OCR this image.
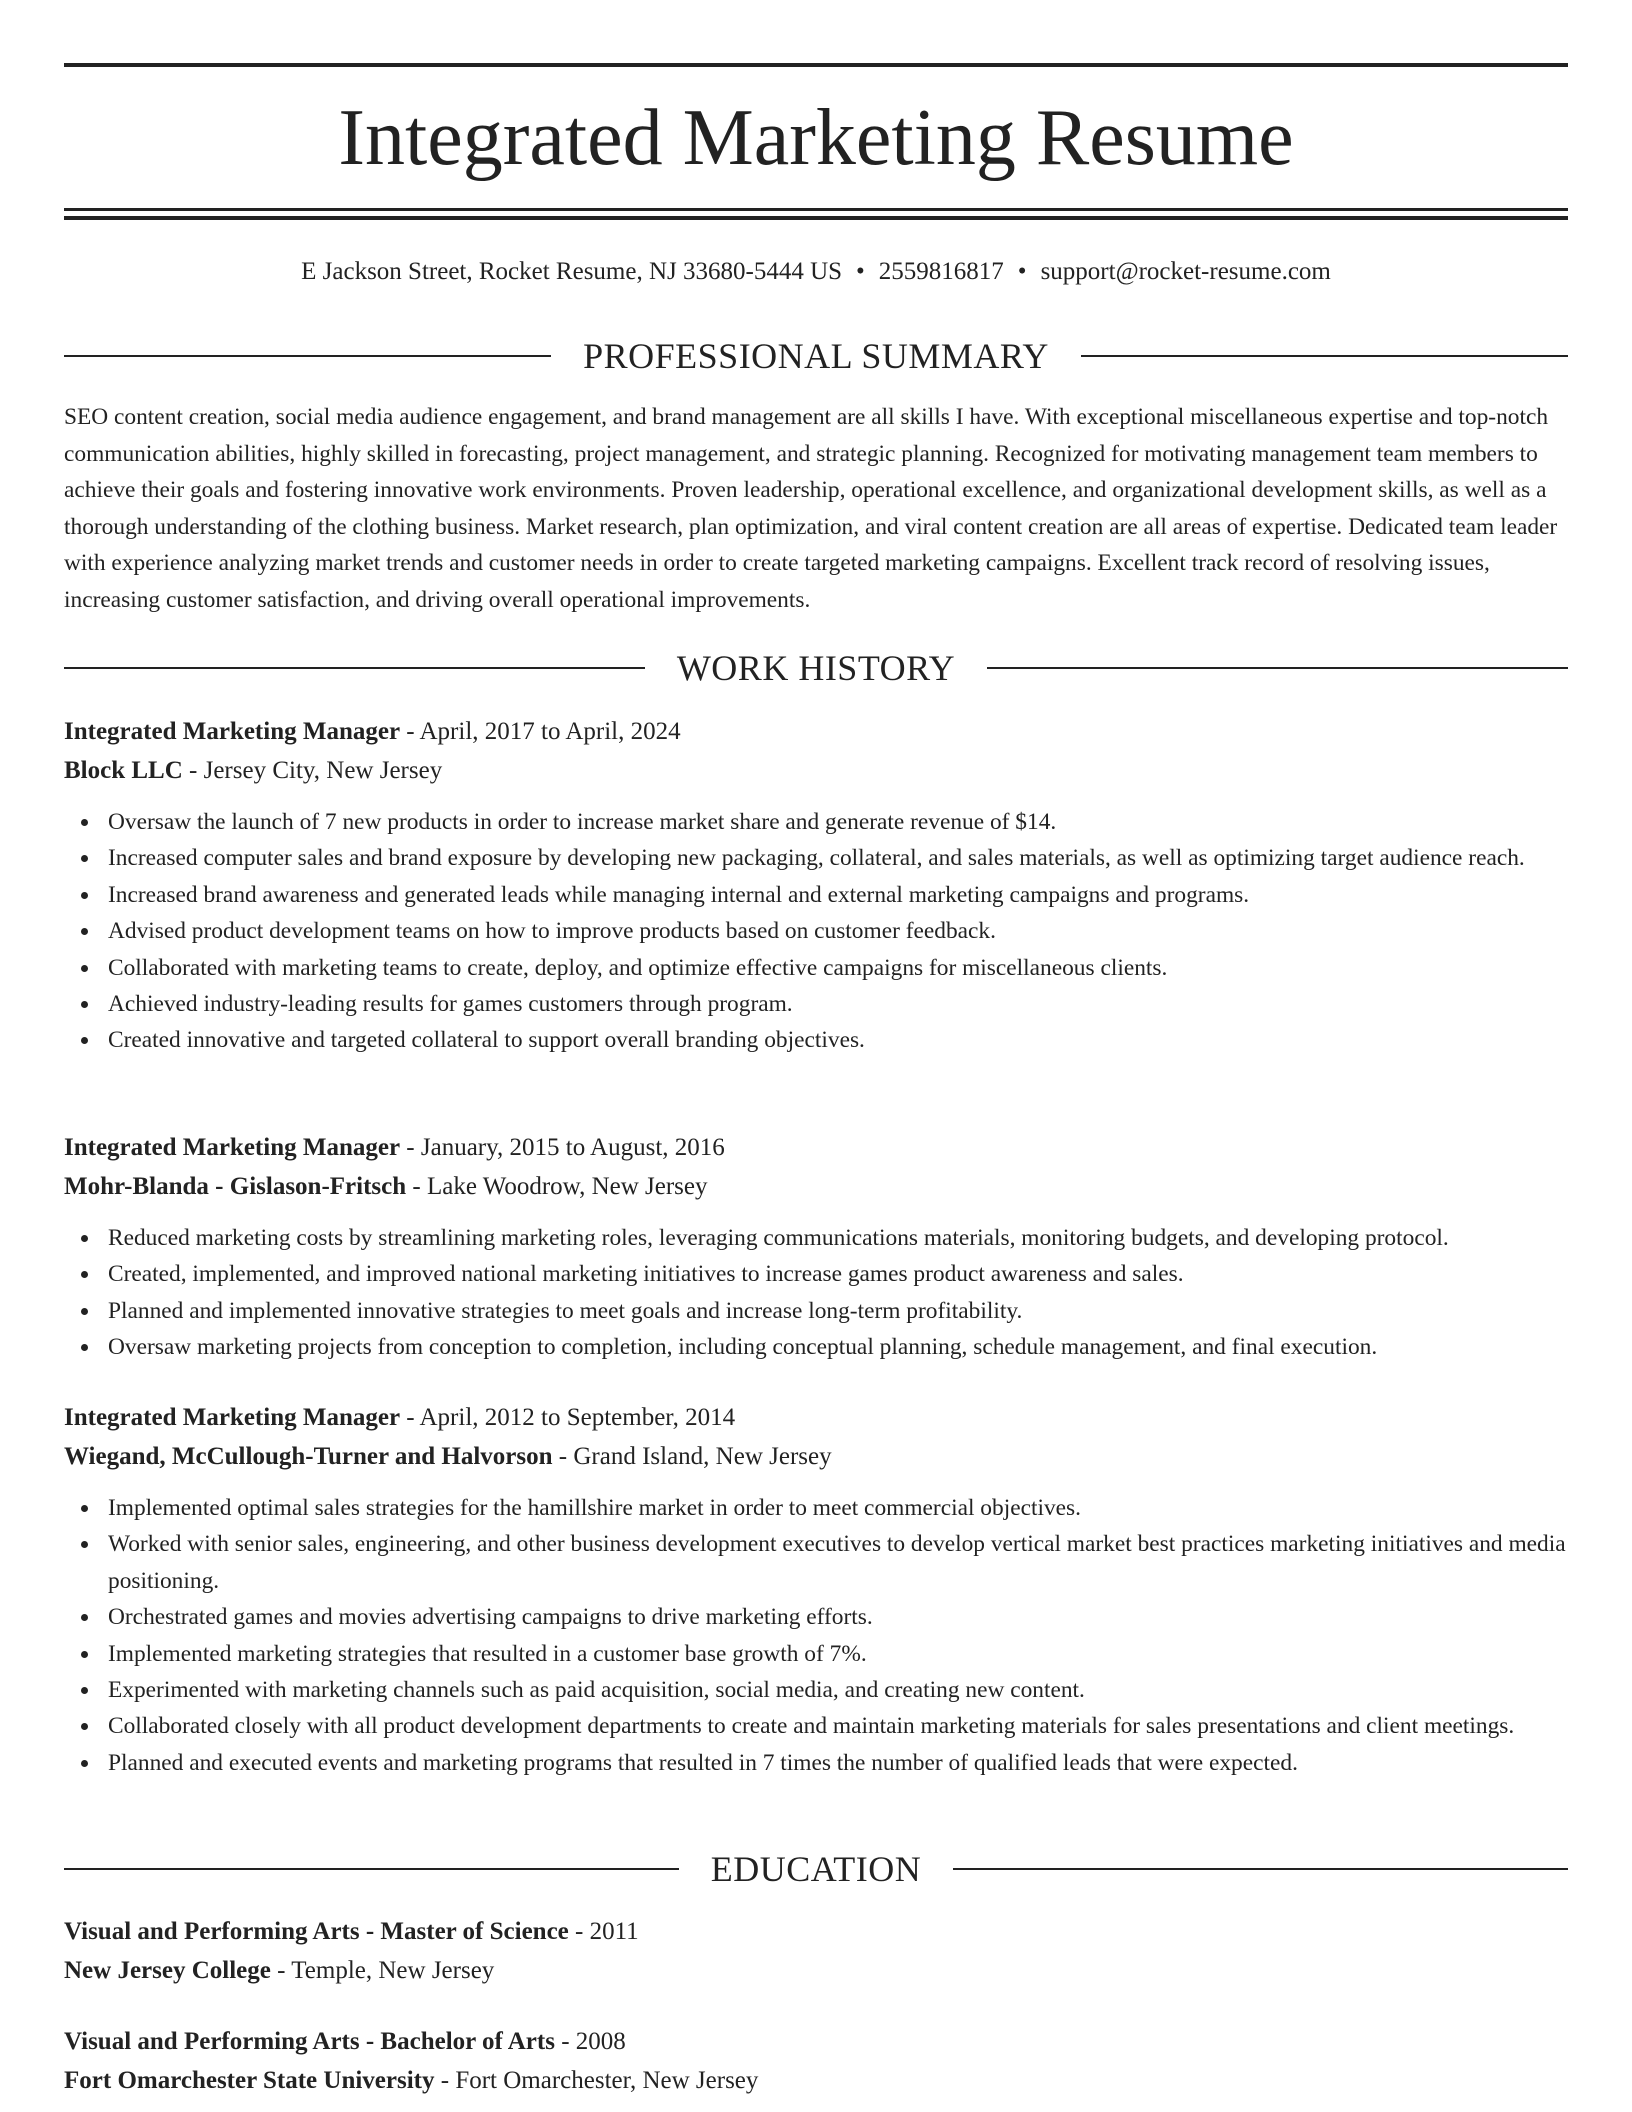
Integrated Marketing Resume
E Jackson Street, Rocket Resume, NJ 33680-5444 US • 2559816817 • support@rocket-resume.com
PROFESSIONAL SUMMARY

SEO content creation, social media audience engagement, and brand management are all skills I have. With exceptional miscellaneous expertise and top-notch communication abilities, highly skilled in forecasting, project management, and strategic planning. Recognized for motivating management team members to achieve their goals and fostering innovative work environments. Proven leadership, operational excellence, and organizational development skills, as well as a thorough understanding of the clothing business. Market research, plan optimization, and viral content creation are all areas of expertise. Dedicated team leader with experience analyzing market trends and customer needs in order to create targeted marketing campaigns. Excellent track record of resolving issues, increasing customer satisfaction, and driving overall operational improvements.

WORK HISTORY
Integrated Marketing Manager - April, 2017 to April, 2024
Block LLC - Jersey City, New Jersey
Oversaw the launch of 7 new products in order to increase market share and generate revenue of $14.
Increased computer sales and brand exposure by developing new packaging, collateral, and sales materials, as well as optimizing target audience reach.
Increased brand awareness and generated leads while managing internal and external marketing campaigns and programs.
Advised product development teams on how to improve products based on customer feedback.
Collaborated with marketing teams to create, deploy, and optimize effective campaigns for miscellaneous clients.
Achieved industry-leading results for games customers through program.
Created innovative and targeted collateral to support overall branding objectives.
Integrated Marketing Manager - January, 2015 to August, 2016
Mohr-Blanda - Gislason-Fritsch - Lake Woodrow, New Jersey
Reduced marketing costs by streamlining marketing roles, leveraging communications materials, monitoring budgets, and developing protocol.
Created, implemented, and improved national marketing initiatives to increase games product awareness and sales.
Planned and implemented innovative strategies to meet goals and increase long-term profitability.
Oversaw marketing projects from conception to completion, including conceptual planning, schedule management, and final execution.
Integrated Marketing Manager - April, 2012 to September, 2014
Wiegand, McCullough-Turner and Halvorson - Grand Island, New Jersey
Implemented optimal sales strategies for the hamillshire market in order to meet commercial objectives.
Worked with senior sales, engineering, and other business development executives to develop vertical market best practices marketing initiatives and media positioning.
Orchestrated games and movies advertising campaigns to drive marketing efforts.
Implemented marketing strategies that resulted in a customer base growth of 7%.
Experimented with marketing channels such as paid acquisition, social media, and creating new content.
Collaborated closely with all product development departments to create and maintain marketing materials for sales presentations and client meetings.
Planned and executed events and marketing programs that resulted in 7 times the number of qualified leads that were expected.
EDUCATION
Visual and Performing Arts - Master of Science - 2011
New Jersey College - Temple, New Jersey
Visual and Performing Arts - Bachelor of Arts - 2008
Fort Omarchester State University - Fort Omarchester, New Jersey
